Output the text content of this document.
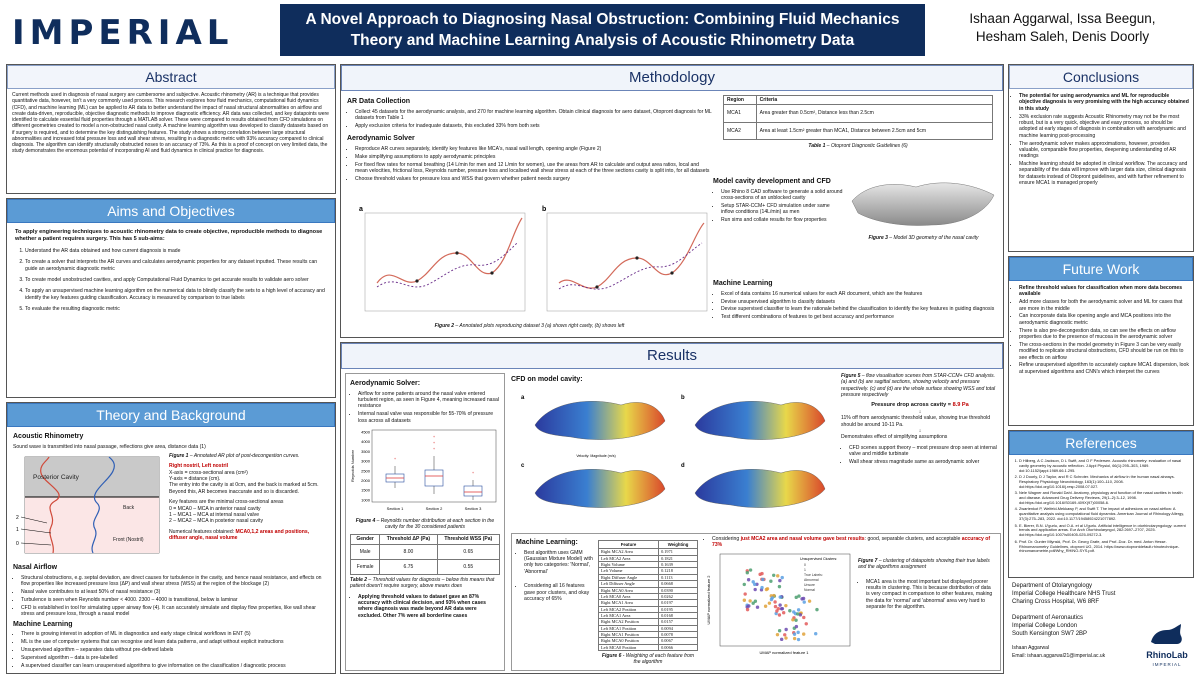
IMPERIAL	A Novel Approach to Diagnosing Nasal Obstruction: Combining Fluid Mechanics Theory and Machine Learning Analysis of Acoustic Rhinometry Data
Ishaan Aggarwal, Issa Beegun,
Hesham Saleh, Denis Doorly
Abstract

Current methods used in diagnosis of nasal surgery are cumbersome and subjective. Acoustic rhinometry (AR) is a technique that provides quantitative data, however, isn't a very commonly used process. This research explores how fluid mechanics, computational fluid dynamics (CFD), and machine learning (ML) can be applied to AR data to better understand the impact of nasal structural abnormalities on airflow and create data-driven, reproducible, objective diagnostic methods to improve diagnostic efficiency. AR data was collected, and key datapoints were identified to calculate essential fluid properties through a MATLAB solver. These were compared to results obtained from CFD simulations on different geometries created to model a non-obstructed nasal cavity. A machine learning algorithm was developed to classify datasets based on if surgery is required, and to determine the key distinguishing features. The study shows a strong correlation between large structural abnormalities and increased total pressure loss and wall shear stress, resulting in a diagnostic metric with 93% accuracy compared to clinical diagnosis. The algorithm can identify structurally obstructed noses to an accuracy of 73%. As this is a proof of concept on very limited data, the study demonstrates the enormous potential of incorporating AI and fluid dynamics in clinical practice for diagnosis.

Aims and Objectives

To apply engineering techniques to acoustic rhinometry data to create objective, reproducible methods to diagnose whether a patient requires surgery. This has 5 sub-aims:

1. Understand the AR data obtained and how current diagnosis is made
2. To create a solver that interprets the AR curves and calculates aerodynamic properties for any dataset inputted. These results can guide an aerodynamic diagnostic metric
3. To create model unobstructed cavities, and apply Computational Fluid Dynamics to get accurate results to validate aero solver
4. To apply an unsupervised machine learning algorithm on the numerical data to blindly classify the sets to a high level of accuracy and identify the key features guiding classification. Accuracy is measured by comparison to true labels
5. To evaluate the resulting diagnostic metric
Theory and Background
Acoustic Rhinometry

Sound wave is transmitted into nasal passage, reflections give area, distance data (1)

Posterior Cavity
Back
Front (Nostril)
2
1
0

Figure 1 – Annotated AR plot of post-decongestion curves.

Right nostril, Left nostril

X-axis = cross-sectional area (cm²)
Y-axis = distance (cm).

The entry into the cavity is at 0cm, and the back is marked at 5cm. Beyond this, AR becomes inaccurate and so is discarded.

Key features are the minimal cross-sectional areas
0 = MCA0 – MCA in anterior nasal cavity
1 – MCA1 – MCA at internal nasal valve
2 – MCA2 – MCA in posterior nasal cavity

Numerical features obtained: MCA0,1,2 areas and positions, diffuser angle, nasal volume

Nasal Airflow
• Structural obstructions, e.g. septal deviation, are direct causes for turbulence in the cavity, and hence nasal resistance, and effects on flow properties like increased pressure loss (ΔP) and wall shear stress (WSS) at the region of the blockage (2)
• Nasal valve contributes to at least 50% of nasal resistance (3)
• Turbulence is seen when Reynolds number < 4000. 2300 – 4000 is transitional, below is laminar
• CFD is established in tool for simulating upper airway flow (4). It can accurately simulate and display flow properties, like wall shear stress and pressure loss, through a nasal model
Machine Learning
• There is growing interest in adoption of ML in diagnostics and early stage clinical workflows in ENT (5)
• ML is the use of computer systems that can recognise and learn data patterns, and adapt without explicit instructions
• Unsupervised algorithm – separates data without pre-defined labels
• Supervised algorithm – data is pre-labelled
• A supervised classifier can learn unsupervised algorithms to give information on the classification / diagnostic process
Methodology
AR Data Collection
• Collect 45 datasets for the aerodynamic analysis, and 270 for machine learning algorithm. Obtain clinical diagnosis for aero dataset, Otopront diagnosis for ML datasets from Table 1
• Apply exclusion criteria for inadequate datasets, this excluded 33% from both sets
Aerodynamic Solver
• Reproduce AR curves separately, identify key features like MCA's, nasal wall length, opening angle (Figure 2)
• Make simplifying assumptions to apply aerodynamic principles
• For fixed flow rates for normal breathing (14 L/min for men and 12 L/min for women), use the areas from AR to calculate and output area ratios, local and mean velocities, frictional loss, Reynolds number, pressure loss and localised wall shear stress at each of the three sections cavity is split into, for all datasets
• Choose threshold values for pressure loss and WSS that govern whether patient needs surgery
a	b

Figure 2 – Annotated plots reproducing dataset 3 (a) shows right cavity, (b) shows left

Region	Criteria
MCA1	Area greater than 0.5cm², Distance less than 2.5cm
MCA2	Area at least 1.5cm² greater than MCA1, Distance between 2.5cm and 5cm

Table 1 – Otopront Diagnostic Guidelines (6)

Model cavity development and CFD
• Use Rhino 8 CAD software to generate a solid around cross-sections of an unblocked cavity
• Setup STAR-CCM+ CFD simulation under same inflow conditions (14L/min) as men
• Run sims and collate results for flow properties

Figure 3 – Model 3D geometry of the nasal cavity

Machine Learning
• Excel of data contains 16 numerical values for each AR document, which are the features
• Devise unsupervised algorithm to classify datasets
• Devise supervised classifier to learn the rationale behind the classification to identify the key features in guiding diagnosis
• Test different combinations of features to get best accuracy and performance
Results
Aerodynamic Solver:
• Airflow for some patients around the nasal valve entered turbulent region, as seen in Figure 4, meaning increased nasal resistance
• Internal nasal valve was responsible for 55-70% of pressure loss across all datasets
4500
4000
3500
3000
2500
2000
1500
1000
Reynolds Number
Section 1	Section 2	Section 3
+
+
+
+
+

Figure 4 – Reynolds number distribution at each section in the cavity for the 30 considered patients

Gender	Threshold ΔP (Pa)	Threshold WSS (Pa)
Male	8.00	0.65
Female	6.75	0.55

Table 2 – Threshold values for diagnosis – below this means that patient doesn't require surgery, above means does

• Applying threshold values to dataset gave an 87% accuracy with clinical decision, and 93% when cases where diagnosis was made beyond AR data were excluded. Other 7% were all borderline cases
CFD on model cavity:
a	b
c	d
Velocity: Magnitude (m/s)

Figure 5 – flow visualisation scenes from STAR-CCM+ CFD analysis. (a) and (b) are sagittal sections, showing velocity and pressure respectively. (c) and (d) are the whole surface showing WSS and total pressure respectively

Pressure drop across cavity = 8.9 Pa

↓

11% off from aerodynamic threshold value, showing true threshold should be around 10-11 Pa.

↓

Demonstrates effect of simplifying assumptions

• CFD scenes support theory – most pressure drop seen at internal valve and middle turbinate
• Wall shear stress magnitude same as aerodynamic solver
Machine Learning:
• Best algorithm uses GMM (Gaussian Mixture Model) with only two categories: 'Normal', 'Abnormal'
• Considering all 16 features gave poor clusters, and okay accuracy of 65%
Feature	Weighting
Right MCA2 Area	0.1971
Left MCA2 Area	0.1821
Right Volume	0.1639
Left Volume	0.1218
Right Diffuser Angle	0.1113
Left Diffuser Angle	0.0668
Right MCA0 Area	0.0390
Left MCA0 Area	0.0262
Right MCA1 Area	0.0197
Left MCA2 Position	0.0195
Left MCA1 Area	0.0168
Right MCA2 Position	0.0157
Left MCA1 Position	0.0094
Right MCA1 Position	0.0078
Right MCA0 Position	0.0067
Left MCA0 Position	0.0066

Figure 6 - Weighting of each feature from the algorithm

• Considering just MCA2 area and nasal volume gave best results: good, separable clusters, and acceptable accuracy of 73%
UMAP normalized feature 1
UMAP normalized feature 2
Unsupervised Clusters:
0
1
True Labels:
Abnormal
Unsure
Normal

Figure 7 – clustering of datapoints showing their true labels and the algorithms assignment

• MCA1 area is the most important but displayed poorer results in clustering. This is because distribution of data is very compact in comparison to other features, making the data for 'normal' and 'abnormal' area very hard to separate for the algorithm.
Conclusions
• The potential for using aerodynamics and ML for reproducible objective diagnosis is very promising with the high accuracy obtained in this study
• 33% exclusion rate suggests Acoustic Rhinometry may not be the most robust, but is a very quick, objective and easy process, so should be adopted at early stages of diagnosis in combination with aerodynamic and machine learning post-processing
• The aerodynamic solver makes approximations, however, provides valuable, comparable flow properties, deepening understanding of AR readings
• Machine learning should be adopted in clinical workflow. The accuracy and separability of the data will improve with larger data size, clinical diagnosis for datasets instead of Otopront guidelines, and with further refinement to ensure MCA1 is managed properly
Future Work
• Refine threshold values for classification when more data becomes available
• Add more classes for both the aerodynamic solver and ML for cases that are more in the middle
• Can incorporate data like opening angle and MCA positions into the aerodynamic diagnostic metric
• There is also pre-decongestion data, so can see the effects on airflow properties due to the presence of mucosa in the aerodynamic solver
• The cross-sections in the model geometry in Figure 3 can be very easily modified to replicate structural obstructions, CFD should be run on this to see effects on airflow
• Refine unsupervised algorithm to accurately capture MCA1 dispersion, look at supervised algorithms and CNN's which interpret the curves
References
1. D Hilberg, A C Jackson, D L Swift, and O F Pedersen. Acoustic rhinometry: evaluation of nasal cavity geometry by acoustic reflection. J Appl Physiol, 66(1):295–303, 1989. doi:10.1152/jappl.1989.66.1.295.
2. D J Doorly, D J Taylor, and R C Schroter. Mechanics of airflow in the human nasal airways. Respiratory Physiology Neurobiology, 163(1):100–110, 2008. doi:https://doi.org/10.1016/j.resp.2008.07.027.
3. Nele Wagner and Ronald Dahl. Anatomy, physiology and function of the nasal cavities in health and disease. Advanced Drug Delivery Reviews, 29(1–2):3–12, 1998. doi:https://doi.org/10.1016/S0169-409X(97)00058-6.
4. Zwartenkot P, Welfeld-Mekkawy P, and Swift T. The impact of adhesions on nasal airflow: A quantitative analysis using computational fluid dynamics. American Journal of Rhinology Allergy, 37(3):275–283, 2022. doi:10.1177/19458924221077892.
5. E. Bierer, B.N. U'gurlu, and O.A. et al U'gurlu. Artificial intelligence in otorhinolaryngology: current trends and application areas. Eur Arch Otorhinolaryngol, 282:2697–2707, 2025. doi:https://doi.org/10.1007/s00405-025-09272-3.
6. Prof. Dr. Gunter Mlynski, Prof. Dr. Georg Grafe, and Prof.-Doz. Dr. med. Anton Hesse. Rhinomanometry Guidelines, otopront UG, 2014. https://www.otoprontdefault.rhinotechnique-rhinomanometrie.pdf/Why_RHINO-SYS.pdf.
Department of Otolaryngology
Imperial College Healthcare NHS Trust
Charing Cross Hospital, W6 8RF
Department of Aeronautics
Imperial College London
South Kensington SW7 2BP
Ishaan Aggarwal
Email: ishaan.aggarwal21@imperial.ac.uk	RhinoLab
IMPERIAL
